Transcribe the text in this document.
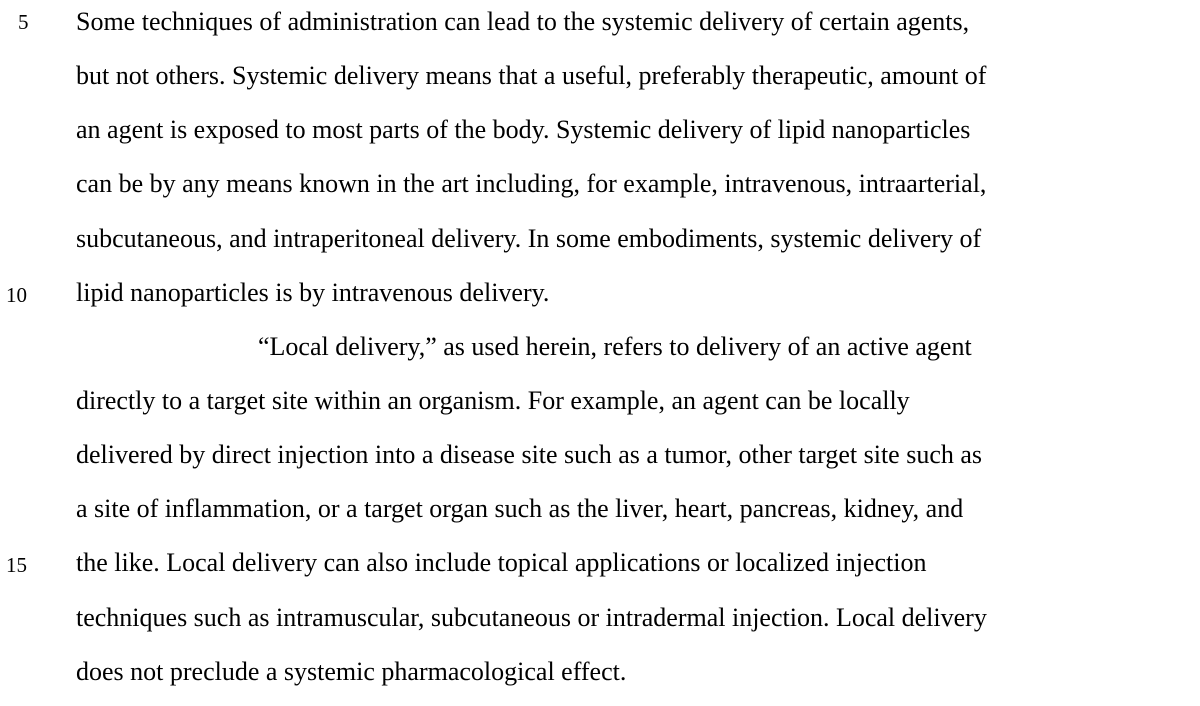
5
10
15
Some techniques of administration can lead to the systemic delivery of certain agents,
but not others. Systemic delivery means that a useful, preferably therapeutic, amount of
an agent is exposed to most parts of the body. Systemic delivery of lipid nanoparticles
can be by any means known in the art including, for example, intravenous, intraarterial,
subcutaneous, and intraperitoneal delivery. In some embodiments, systemic delivery of
lipid nanoparticles is by intravenous delivery.
“Local delivery,” as used herein, refers to delivery of an active agent
directly to a target site within an organism. For example, an agent can be locally
delivered by direct injection into a disease site such as a tumor, other target site such as
a site of inflammation, or a target organ such as the liver, heart, pancreas, kidney, and
the like. Local delivery can also include topical applications or localized injection
techniques such as intramuscular, subcutaneous or intradermal injection. Local delivery
does not preclude a systemic pharmacological effect.
